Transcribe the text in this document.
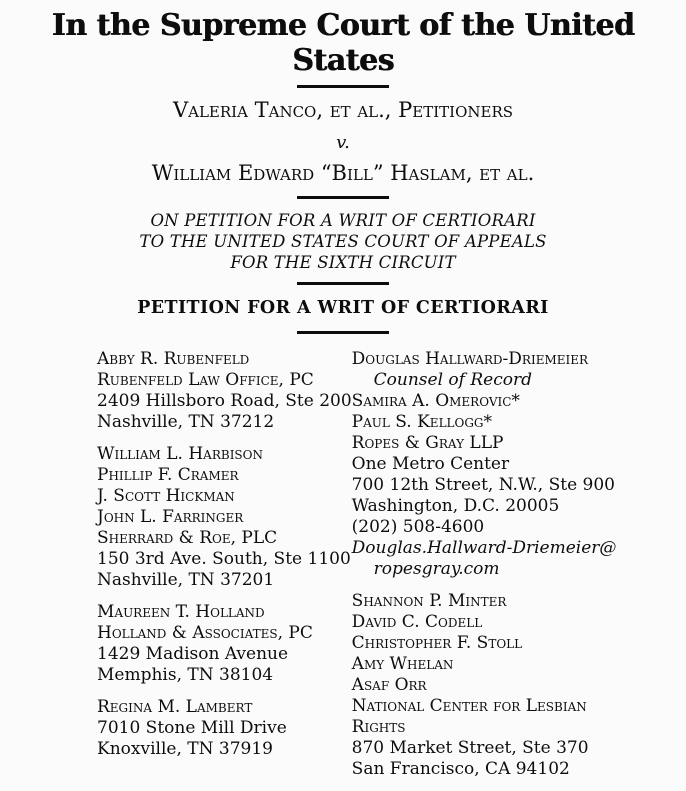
In the Supreme Court of the United States
Valeria Tanco, et al., Petitioners
v.
William Edward “Bill” Haslam, et al.
ON PETITION FOR A WRIT OF CERTIORARI
TO THE UNITED STATES COURT OF APPEALS
FOR THE SIXTH CIRCUIT
PETITION FOR A WRIT OF CERTIORARI
Abby R. Rubenfeld
Rubenfeld Law Office, PC
2409 Hillsboro Road, Ste 200
Nashville, TN 37212
William L. Harbison
Phillip F. Cramer
J. Scott Hickman
John L. Farringer
Sherrard & Roe, PLC
150 3rd Ave. South, Ste 1100
Nashville, TN 37201
Maureen T. Holland
Holland & Associates, PC
1429 Madison Avenue
Memphis, TN 38104
Regina M. Lambert
7010 Stone Mill Drive
Knoxville, TN 37919
Douglas Hallward-Driemeier
Counsel of Record
Samira A. Omerovic*
Paul S. Kellogg*
Ropes & Gray LLP
One Metro Center
700 12th Street, N.W., Ste 900
Washington, D.C. 20005
(202) 508-4600
Douglas.Hallward-Driemeier@
ropesgray.com
Shannon P. Minter
David C. Codell
Christopher F. Stoll
Amy Whelan
Asaf Orr
National Center for Lesbian
Rights
870 Market Street, Ste 370
San Francisco, CA 94102
